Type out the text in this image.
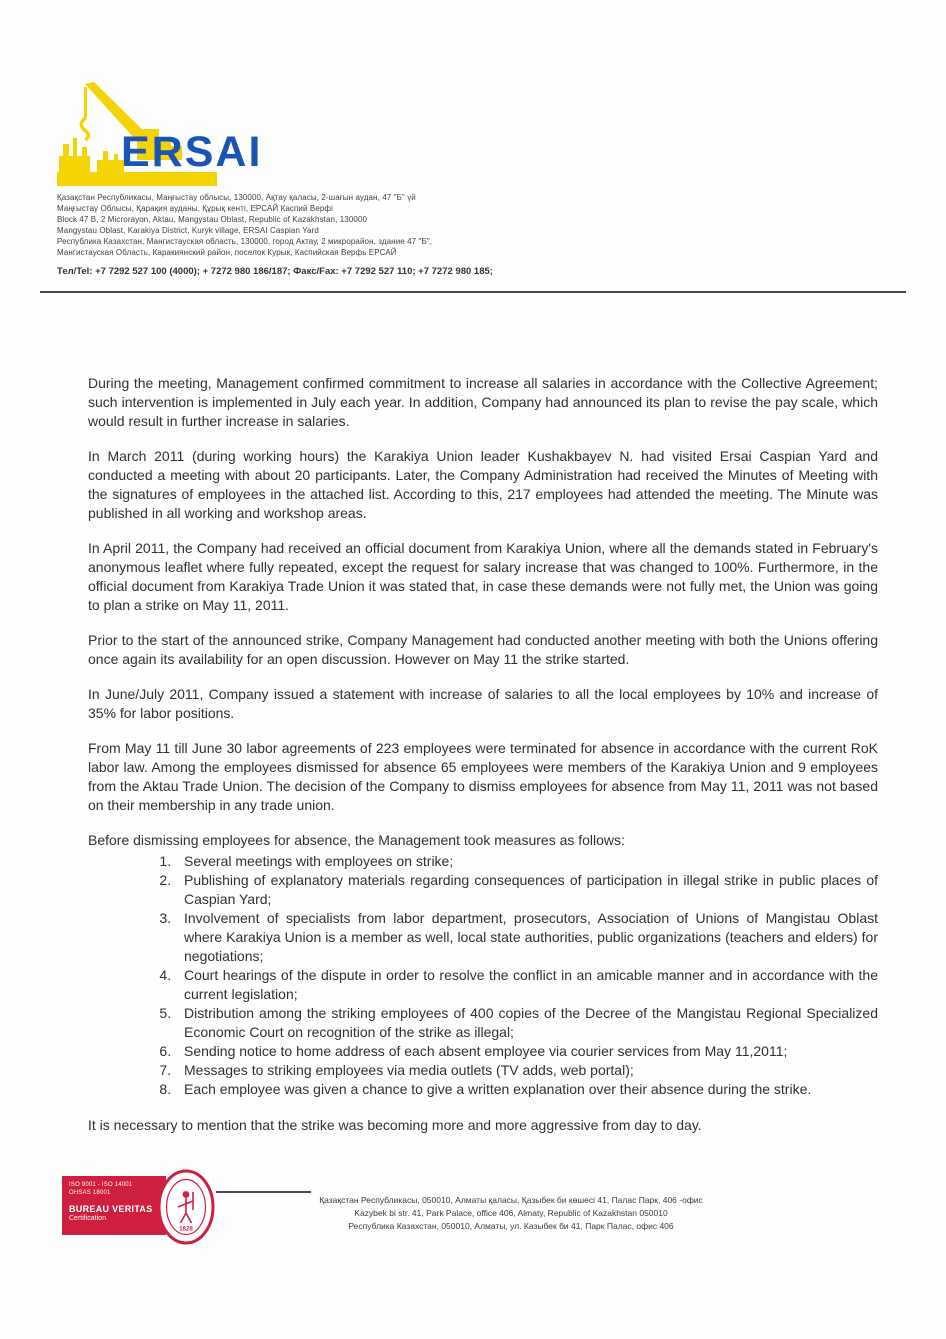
ERSAI
Қазақстан Республикасы, Маңғыстау облысы, 130000, Ақтау қаласы, 2-шағын аудан, 47 "Б" үй
Маңғыстау Облысы, Қарақия ауданы, Құрық кенті, ЕРСАЙ Каспий Верфі
Block 47 B, 2 Microrayon, Aktau, Mangystau Oblast, Republic of Kazakhstan, 130000
Mangystau Oblast, Karakiya District, Kuryk village, ERSAI Caspian Yard
Республика Казахстан, Мангистауская область, 130000, город Актау, 2 микрорайон, здание 47 "Б",
Мангистауская Область, Каракиянский район, поселок Курык, Каспийская Верфь ЕРСАЙ
Тел/Tel: +7 7292 527 100 (4000); + 7272 980 186/187; Факс/Fax: +7 7292 527 110; +7 7272 980 185;

During the meeting, Management confirmed commitment to increase all salaries in accordance with the Collective Agreement; such intervention is implemented in July each year. In addition, Company had announced its plan to revise the pay scale, which would result in further increase in salaries.

In March 2011 (during working hours) the Karakiya Union leader Kushakbayev N. had visited Ersai Caspian Yard and conducted a meeting with about 20 participants. Later, the Company Administration had received the Minutes of Meeting with the signatures of employees in the attached list. According to this, 217 employees had attended the meeting. The Minute was published in all working and workshop areas.

In April 2011, the Company had received an official document from Karakiya Union, where all the demands stated in February's anonymous leaflet where fully repeated, except the request for salary increase that was changed to 100%. Furthermore, in the official document from Karakiya Trade Union it was stated that, in case these demands were not fully met, the Union was going to plan a strike on May 11, 2011.

Prior to the start of the announced strike, Company Management had conducted another meeting with both the Unions offering once again its availability for an open discussion. However on May 11 the strike started.

In June/July 2011, Company issued a statement with increase of salaries to all the local employees by 10% and increase of 35% for labor positions.

From May 11 till June 30 labor agreements of 223 employees were terminated for absence in accordance with the current RoK labor law. Among the employees dismissed for absence 65 employees were members of the Karakiya Union and 9 employees from the Aktau Trade Union. The decision of the Company to dismiss employees for absence from May 11, 2011 was not based on their membership in any trade union.

Before dismissing employees for absence, the Management took measures as follows:

1. Several meetings with employees on strike;
2. Publishing of explanatory materials regarding consequences of participation in illegal strike in public places of Caspian Yard;
3. Involvement of specialists from labor department, prosecutors, Association of Unions of Mangistau Oblast where Karakiya Union is a member as well, local state authorities, public organizations (teachers and elders) for negotiations;
4. Court hearings of the dispute in order to resolve the conflict in an amicable manner and in accordance with the current legislation;
5. Distribution among the striking employees of 400 copies of the Decree of the Mangistau Regional Specialized Economic Court on recognition of the strike as illegal;
6. Sending notice to home address of each absent employee via courier services from May 11,2011;
7. Messages to striking employees via media outlets (TV adds, web portal);
8. Each employee was given a chance to give a written explanation over their absence during the strike.

It is necessary to mention that the strike was becoming more and more aggressive from day to day.

ISO 9001 - ISO 14001
OHSAS 18001
BUREAU VERITAS
Certification
1828
Қазақстан Республикасы, 050010, Алматы қаласы, Қазыбек би көшесі 41, Палас Парк, 406 -офис
Kazybek bi str. 41, Park Palace, office 406, Almaty, Republic of Kazakhstan 050010
Республика Казахстан, 050010, Алматы, ул. Казыбек би 41, Парк Палас, офис 406
